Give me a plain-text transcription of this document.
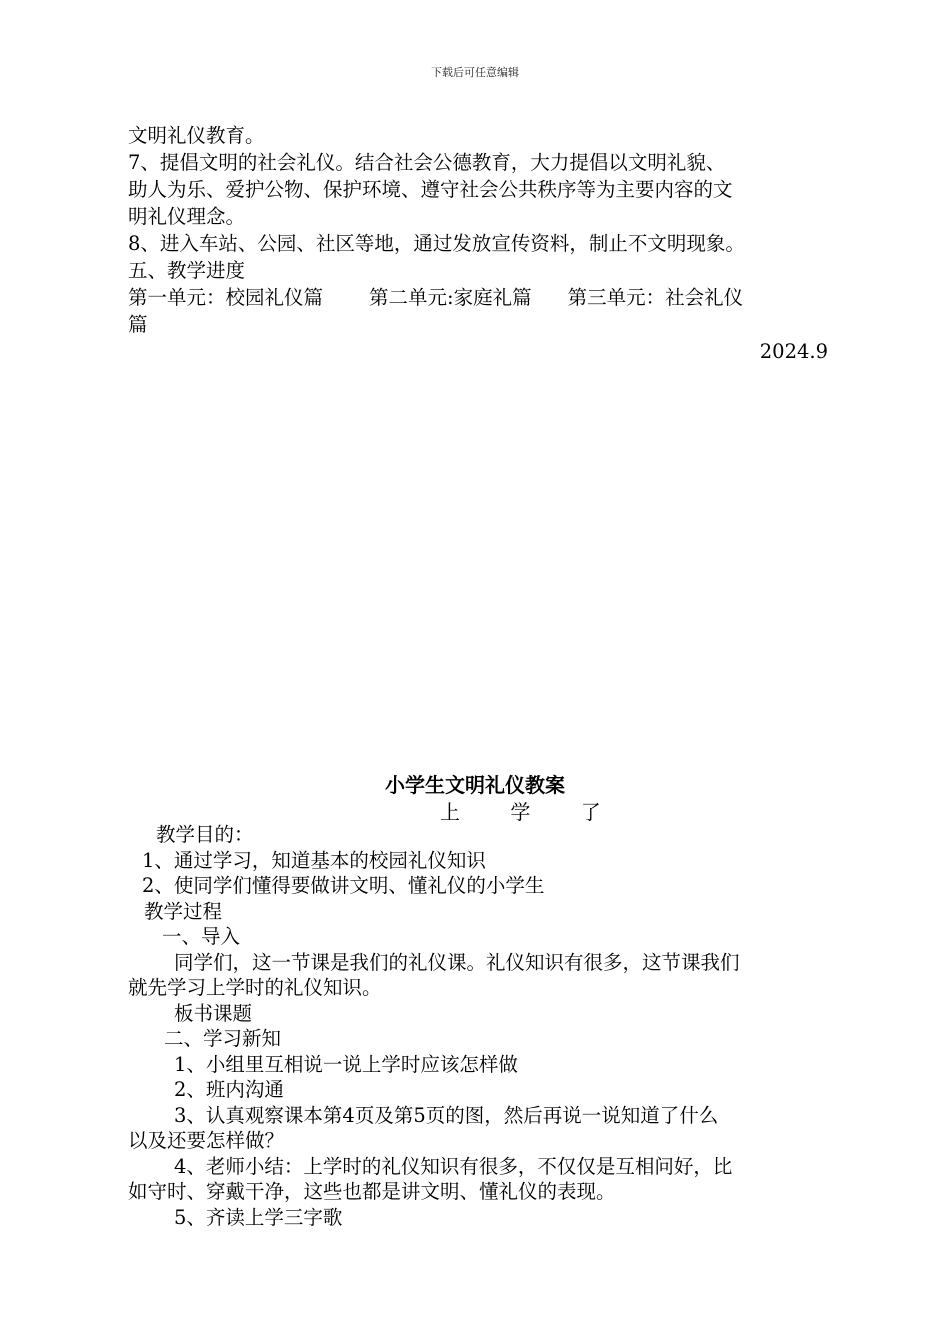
下载后可任意编辑

文明礼仪教育。

7、提倡文明的社会礼仪。结合社会公德教育，大力提倡以文明礼貌、

助人为乐、爱护公物、保护环境、遵守社会公共秩序等为主要内容的文

明礼仪理念。

8、进入车站、公园、社区等地，通过发放宣传资料，制止不文明现象。

五、教学进度

第一单元：校园礼仪篇 第二单元:家庭礼篇 第三单元：社会礼仪

篇

2024.9

小学生文明礼仪教案
上 学 了

教学目的：

1、通过学习，知道基本的校园礼仪知识

2、使同学们懂得要做讲文明、懂礼仪的小学生

教学过程

一、导入

同学们，这一节课是我们的礼仪课。礼仪知识有很多，这节课我们

就先学习上学时的礼仪知识。

板书课题

二、学习新知

1、小组里互相说一说上学时应该怎样做

2、班内沟通

3、认真观察课本第4页及第5页的图，然后再说一说知道了什么

以及还要怎样做？

4、老师小结：上学时的礼仪知识有很多，不仅仅是互相问好，比

如守时、穿戴干净，这些也都是讲文明、懂礼仪的表现。

5、齐读上学三字歌
